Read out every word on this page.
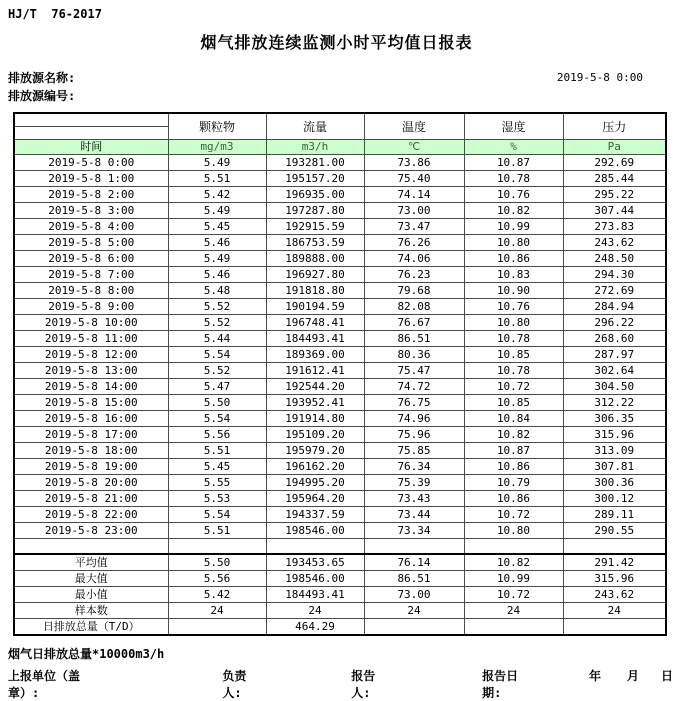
HJ/T  76-2017
烟气排放连续监测小时平均值日报表
排放源名称:
排放源编号:
2019-5-8 0:00
	颗粒物	流量	温度	湿度	压力

时间	mg/m3	m3/h	℃	%	Pa
2019-5-8 0:00	5.49	193281.00	73.86	10.87	292.69
2019-5-8 1:00	5.51	195157.20	75.40	10.78	285.44
2019-5-8 2:00	5.42	196935.00	74.14	10.76	295.22
2019-5-8 3:00	5.49	197287.80	73.00	10.82	307.44
2019-5-8 4:00	5.45	192915.59	73.47	10.99	273.83
2019-5-8 5:00	5.46	186753.59	76.26	10.80	243.62
2019-5-8 6:00	5.49	189888.00	74.06	10.86	248.50
2019-5-8 7:00	5.46	196927.80	76.23	10.83	294.30
2019-5-8 8:00	5.48	191818.80	79.68	10.90	272.69
2019-5-8 9:00	5.52	190194.59	82.08	10.76	284.94
2019-5-8 10:00	5.52	196748.41	76.67	10.80	296.22
2019-5-8 11:00	5.44	184493.41	86.51	10.78	268.60
2019-5-8 12:00	5.54	189369.00	80.36	10.85	287.97
2019-5-8 13:00	5.52	191612.41	75.47	10.78	302.64
2019-5-8 14:00	5.47	192544.20	74.72	10.72	304.50
2019-5-8 15:00	5.50	193952.41	76.75	10.85	312.22
2019-5-8 16:00	5.54	191914.80	74.96	10.84	306.35
2019-5-8 17:00	5.56	195109.20	75.96	10.82	315.96
2019-5-8 18:00	5.51	195979.20	75.85	10.87	313.09
2019-5-8 19:00	5.45	196162.20	76.34	10.86	307.81
2019-5-8 20:00	5.55	194995.20	75.39	10.79	300.36
2019-5-8 21:00	5.53	195964.20	73.43	10.86	300.12
2019-5-8 22:00	5.54	194337.59	73.44	10.72	289.11
2019-5-8 23:00	5.51	198546.00	73.34	10.80	290.55

平均值	5.50	193453.65	76.14	10.82	291.42
最大值	5.56	198546.00	86.51	10.99	315.96
最小值	5.42	184493.41	73.00	10.72	243.62
样本数	24	24	24	24	24
日排放总量（T/D）		464.29			
烟气日排放总量*10000m3/h
上报单位（盖章）:
负责人:
报告人:
报告日期:
年 月 日
